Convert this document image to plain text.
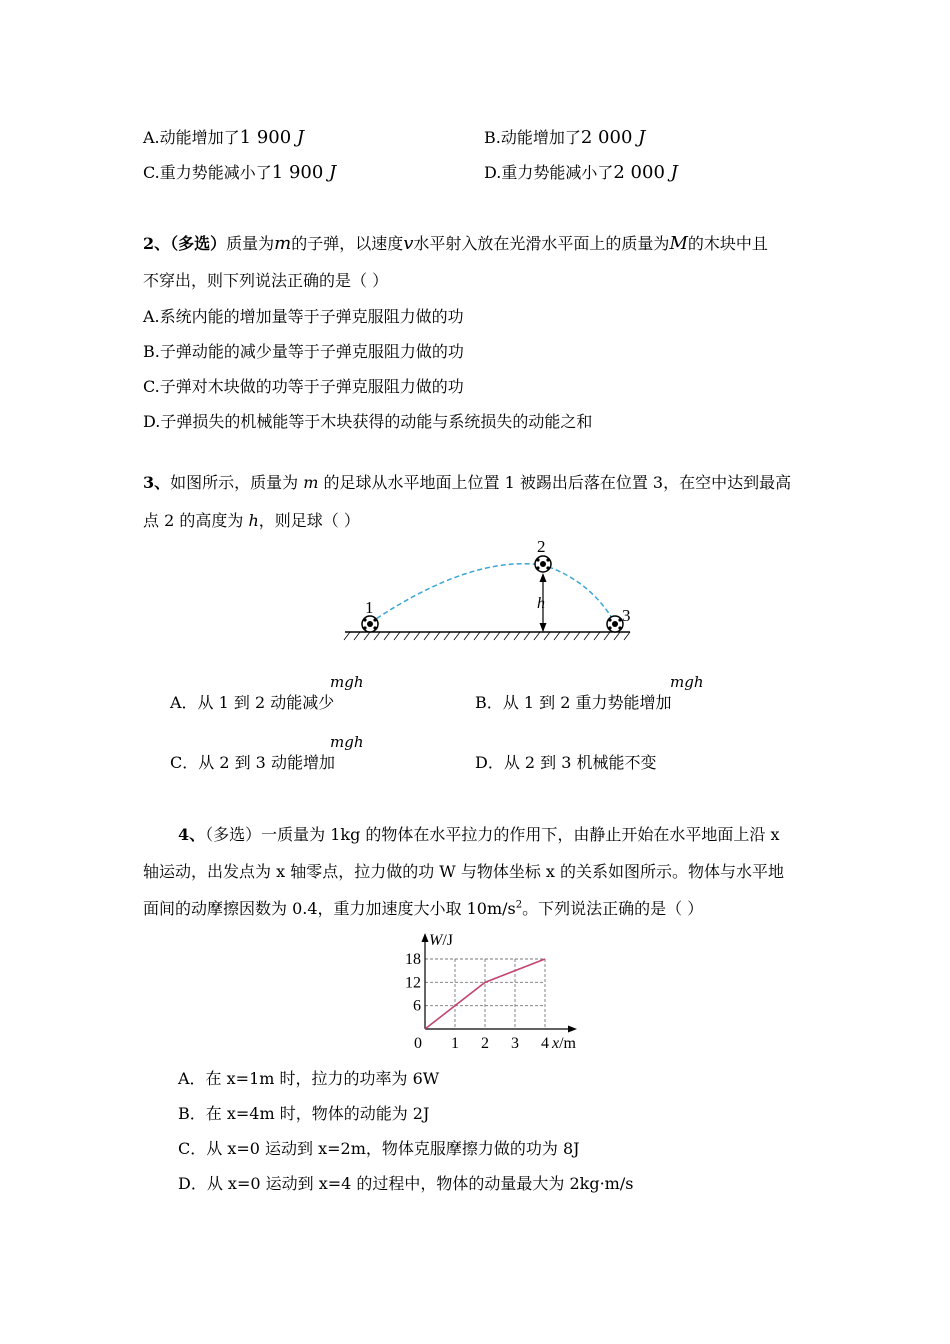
A.动能增加了1 900 J	B.动能增加了2 000 J
C.重力势能减小了1 900 J	D.重力势能减小了2 000 J
2、（多选）质量为m的子弹，以速度v水平射入放在光滑水平面上的质量为M的木块中且
不穿出，则下列说法正确的是（ ）
A.系统内能的增加量等于子弹克服阻力做的功
B.子弹动能的减少量等于子弹克服阻力做的功
C.子弹对木块做的功等于子弹克服阻力做的功
D.子弹损失的机械能等于木块获得的动能与系统损失的动能之和
3、如图所示，质量为 m 的足球从水平地面上位置 1 被踢出后落在位置 3，在空中达到最高
点 2 的高度为 h，则足球（ ）
h
1
2
3
A．从 1 到 2 动能减少
mgh
B．从 1 到 2 重力势能增加
mgh
C．从 2 到 3 动能增加
mgh
D．从 2 到 3 机械能不变
4、（多选）一质量为 1kg 的物体在水平拉力的作用下，由静止开始在水平地面上沿 x
轴运动，出发点为 x 轴零点，拉力做的功 W 与物体坐标 x 的关系如图所示。物体与水平地
面间的动摩擦因数为 0.4，重力加速度大小取 $10m/s^2$。下列说法正确的是（ ）
1 2 3 4
6
12
18
W/J
x/m
0
A．在 x=1m 时，拉力的功率为 6W
B．在 x=4m 时，物体的动能为 2J
C．从 x=0 运动到 x=2m，物体克服摩擦力做的功为 8J
D．从 x=0 运动到 x=4 的过程中，物体的动量最大为 2kg·m/s
